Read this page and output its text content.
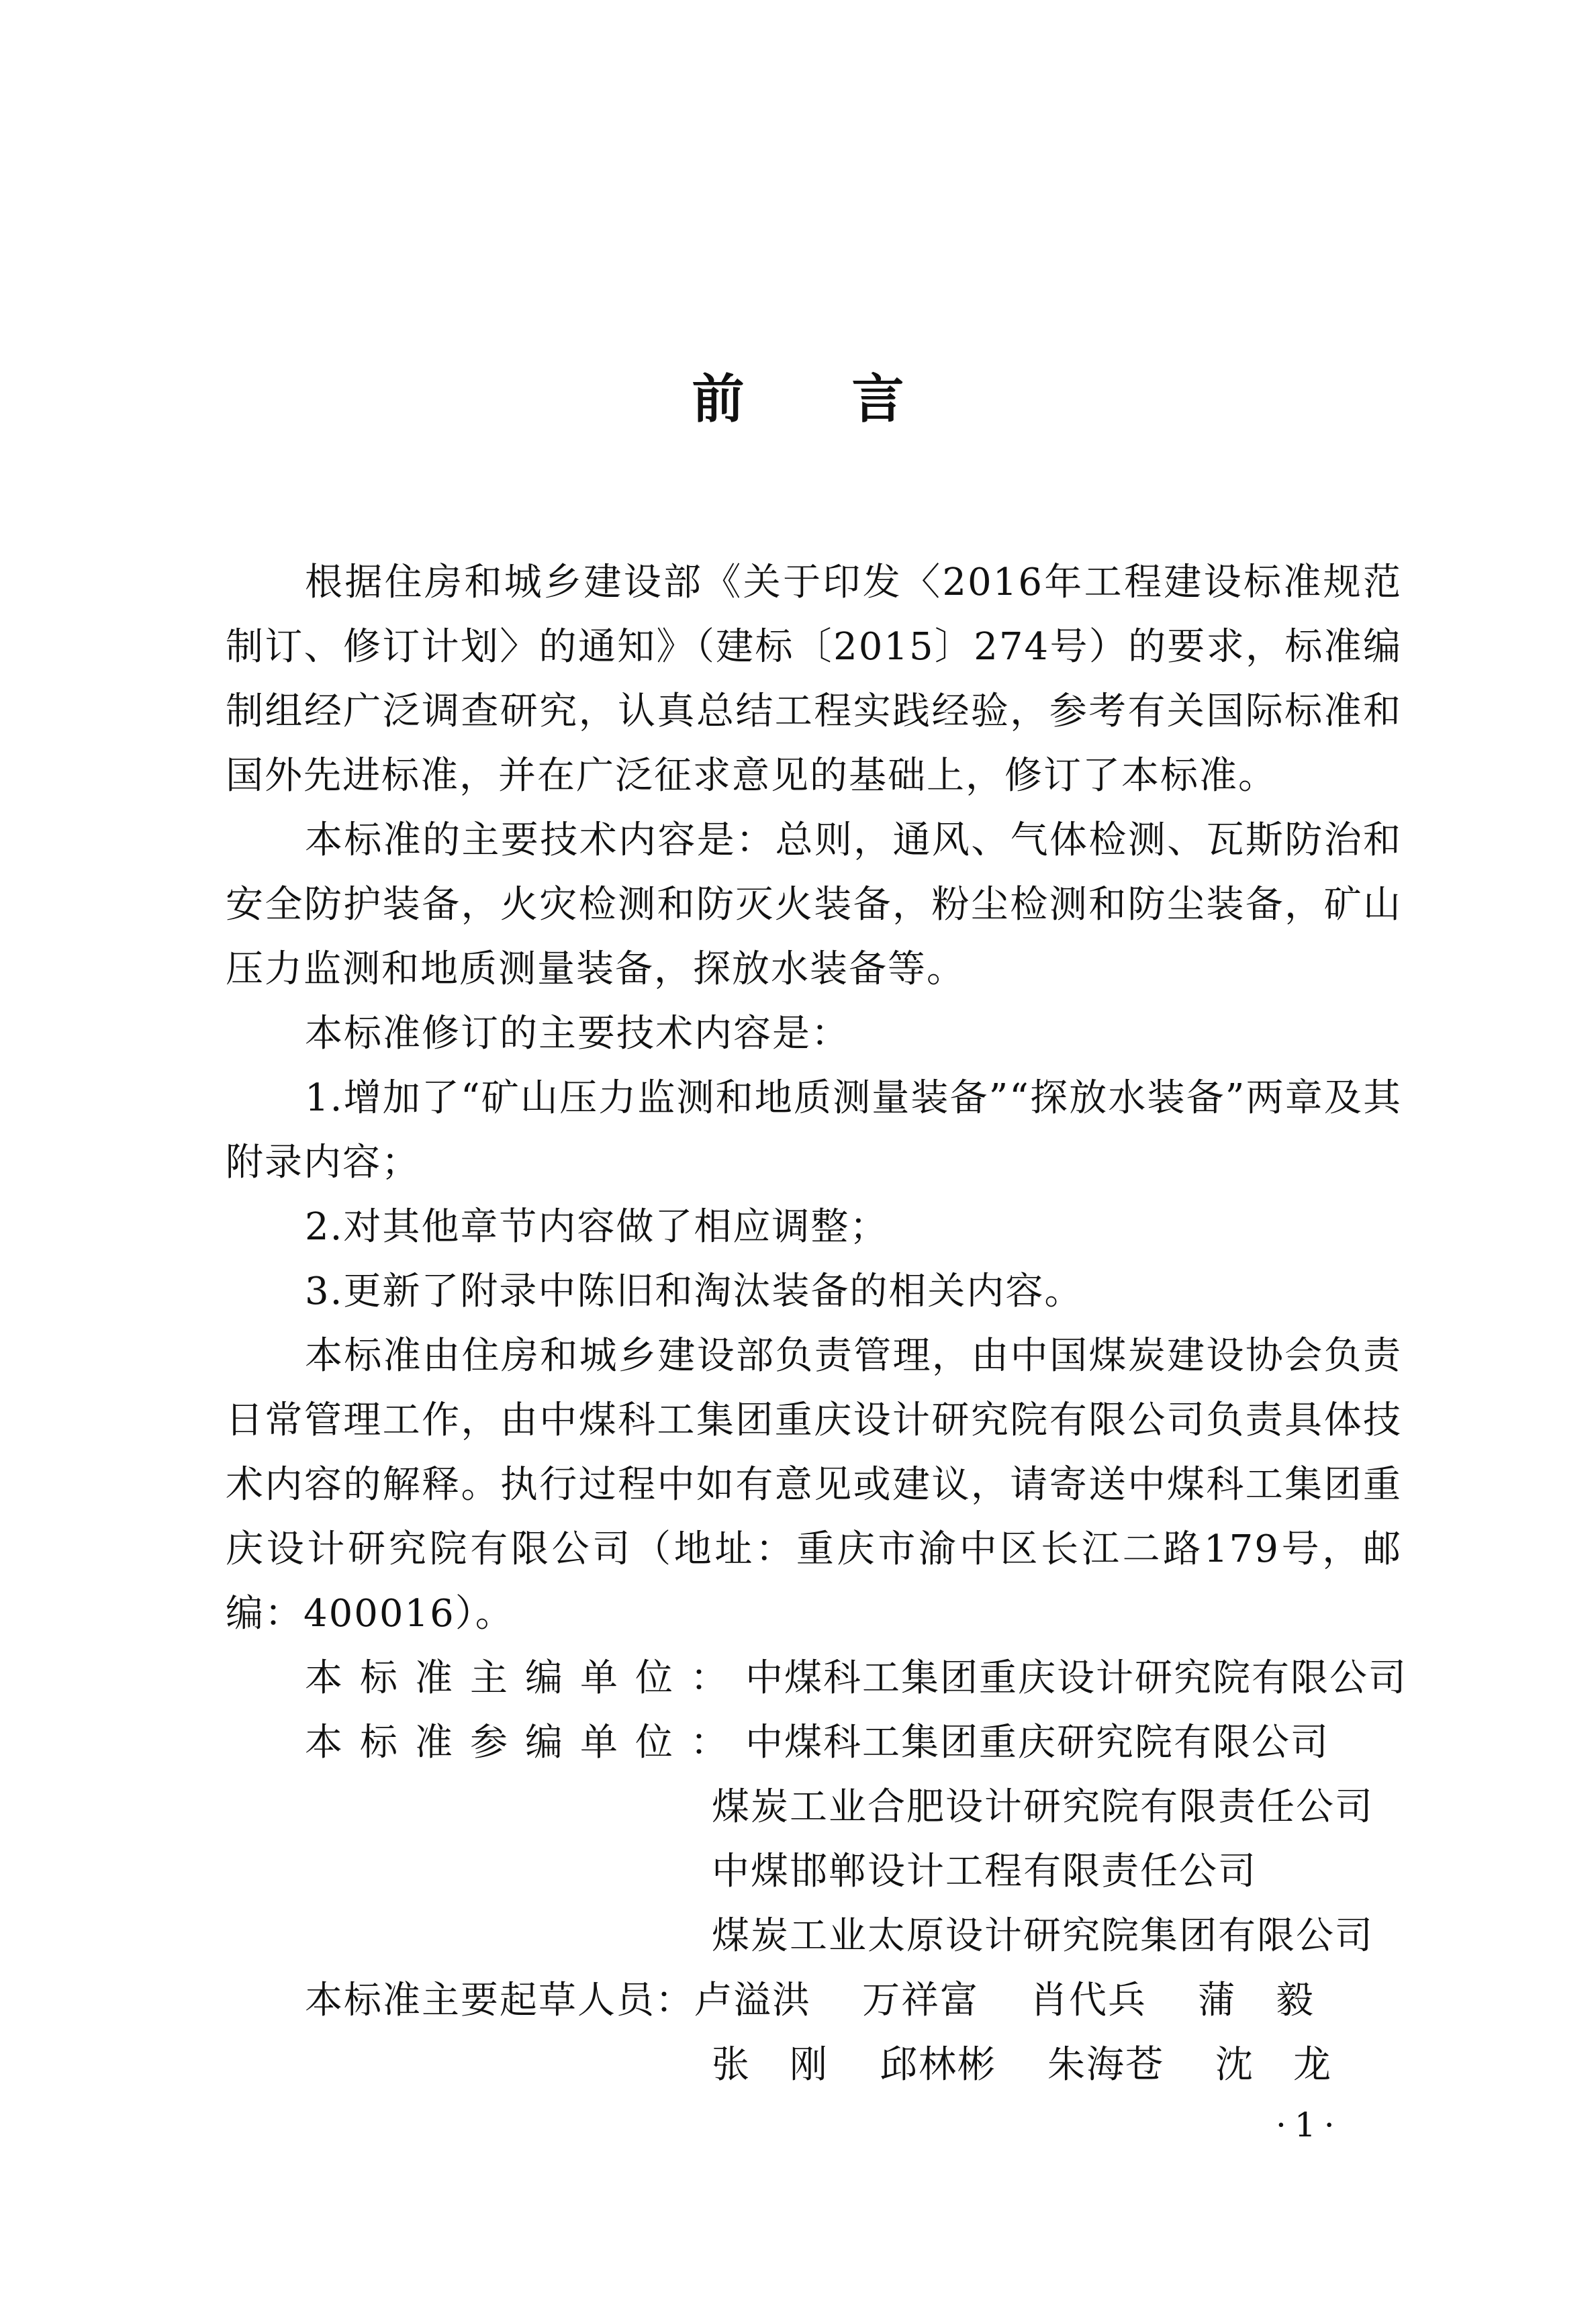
前言

根据住房和城乡建设部《关于印发〈2016年工程建设标准规范制订、修订计划〉的通知》（建标〔2015〕274号）的要求，标准编制组经广泛调查研究，认真总结工程实践经验，参考有关国际标准和国外先进标准，并在广泛征求意见的基础上，修订了本标准。

本标准的主要技术内容是：总则，通风、气体检测、瓦斯防治和安全防护装备，火灾检测和防灭火装备，粉尘检测和防尘装备，矿山压力监测和地质测量装备，探放水装备等。

本标准修订的主要技术内容是：

1.增加了“矿山压力监测和地质测量装备”“探放水装备”两章及其附录内容；

2.对其他章节内容做了相应调整；

3.更新了附录中陈旧和淘汰装备的相关内容。

本标准由住房和城乡建设部负责管理，由中国煤炭建设协会负责日常管理工作，由中煤科工集团重庆设计研究院有限公司负责具体技术内容的解释。执行过程中如有意见或建议，请寄送中煤科工集团重庆设计研究院有限公司（地址：重庆市渝中区长江二路179号，邮编：400016）。

本标准主编单位：中煤科工集团重庆设计研究院有限公司
本标准参编单位：中煤科工集团重庆研究院有限公司
煤炭工业合肥设计研究院有限责任公司
中煤邯郸设计工程有限责任公司
煤炭工业太原设计研究院集团有限公司
本标准主要起草人员：卢溢洪 万祥富 肖代兵 蒲　毅
张　刚 邱林彬 朱海苍 沈　龙
·1·
